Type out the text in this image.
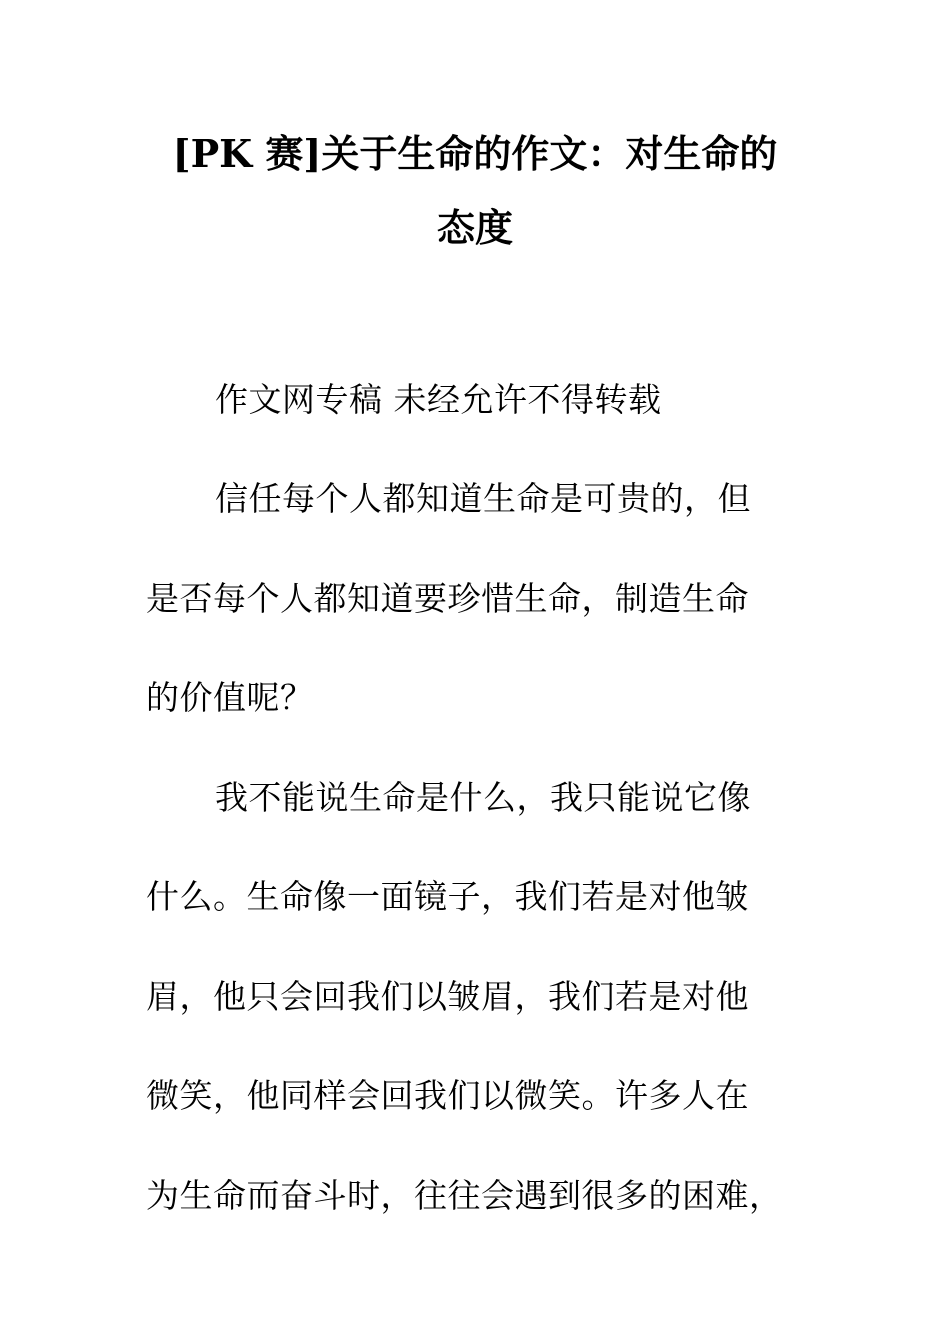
[PK 赛]关于生命的作文：对生命的
态度
作文网专稿 未经允许不得转载
信任每个人都知道生命是可贵的，但
是否每个人都知道要珍惜生命，制造生命
的价值呢？
我不能说生命是什么，我只能说它像
什么。生命像一面镜子，我们若是对他皱
眉，他只会回我们以皱眉，我们若是对他
微笑，他同样会回我们以微笑。许多人在
为生命而奋斗时，往往会遇到很多的困难，
